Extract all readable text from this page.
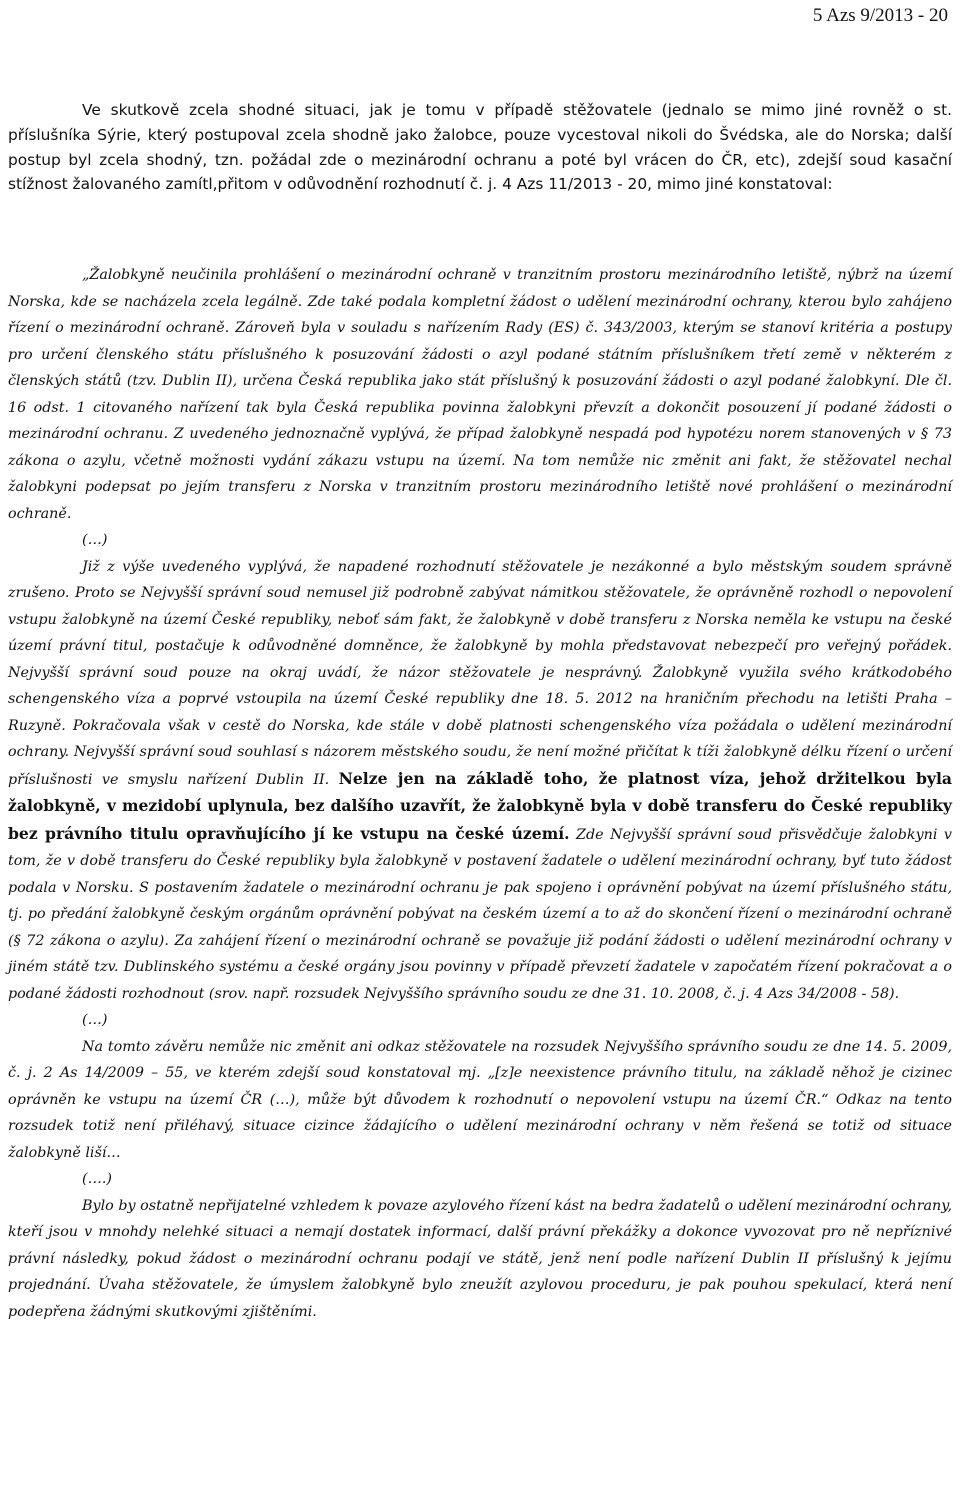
5 Azs 9/2013 - 20

Ve skutkově zcela shodné situaci, jak je tomu v případě stěžovatele (jednalo se mimo jiné rovněž o st. příslušníka Sýrie, který postupoval zcela shodně jako žalobce, pouze vycestoval nikoli do Švédska, ale do Norska; další postup byl zcela shodný, tzn. požádal zde o mezinárodní ochranu a poté byl vrácen do ČR, etc), zdejší soud kasační stížnost žalovaného zamítl,přitom v odůvodnění rozhodnutí č. j. 4 Azs 11/2013 - 20, mimo jiné konstatoval:

„Žalobkyně neučinila prohlášení o mezinárodní ochraně v tranzitním prostoru mezinárodního letiště, nýbrž na území Norska, kde se nacházela zcela legálně. Zde také podala kompletní žádost o udělení mezinárodní ochrany, kterou bylo zahájeno řízení o mezinárodní ochraně. Zároveň byla v souladu s nařízením Rady (ES) č. 343/2003, kterým se stanoví kritéria a postupy pro určení členského státu příslušného k posuzování žádosti o azyl podané státním příslušníkem třetí země v některém z členských států (tzv. Dublin II), určena Česká republika jako stát příslušný k posuzování žádosti o azyl podané žalobkyní. Dle čl. 16 odst. 1 citovaného nařízení tak byla Česká republika povinna žalobkyni převzít a dokončit posouzení jí podané žádosti o mezinárodní ochranu. Z uvedeného jednoznačně vyplývá, že případ žalobkyně nespadá pod hypotézu norem stanovených v § 73 zákona o azylu, včetně možnosti vydání zákazu vstupu na území. Na tom nemůže nic změnit ani fakt, že stěžovatel nechal žalobkyni podepsat po jejím transferu z Norska v tranzitním prostoru mezinárodního letiště nové prohlášení o mezinárodní ochraně.

(…)

Již z výše uvedeného vyplývá, že napadené rozhodnutí stěžovatele je nezákonné a bylo městským soudem správně zrušeno. Proto se Nejvyšší správní soud nemusel již podrobně zabývat námitkou stěžovatele, že oprávněně rozhodl o nepovolení vstupu žalobkyně na území České republiky, neboť sám fakt, že žalobkyně v době transferu z Norska neměla ke vstupu na české území právní titul, postačuje k odůvodněné domněnce, že žalobkyně by mohla představovat nebezpečí pro veřejný pořádek. Nejvyšší správní soud pouze na okraj uvádí, že názor stěžovatele je nesprávný. Žalobkyně využila svého krátkodobého schengenského víza a poprvé vstoupila na území České republiky dne 18. 5. 2012 na hraničním přechodu na letišti Praha – Ruzyně. Pokračovala však v cestě do Norska, kde stále v době platnosti schengenského víza požádala o udělení mezinárodní ochrany. Nejvyšší správní soud souhlasí s názorem městského soudu, že není možné přičítat k tíži žalobkyně délku řízení o určení příslušnosti ve smyslu nařízení Dublin II. Nelze jen na základě toho, že platnost víza, jehož držitelkou byla žalobkyně, v mezidobí uplynula, bez dalšího uzavřít, že žalobkyně byla v době transferu do České republiky bez právního titulu opravňujícího jí ke vstupu na české území. Zde Nejvyšší správní soud přisvědčuje žalobkyni v tom, že v době transferu do České republiky byla žalobkyně v postavení žadatele o udělení mezinárodní ochrany, byť tuto žádost podala v Norsku. S postavením žadatele o mezinárodní ochranu je pak spojeno i oprávnění pobývat na území příslušného státu, tj. po předání žalobkyně českým orgánům oprávnění pobývat na českém území a to až do skončení řízení o mezinárodní ochraně (§ 72 zákona o azylu). Za zahájení řízení o mezinárodní ochraně se považuje již podání žádosti o udělení mezinárodní ochrany v jiném státě tzv. Dublinského systému a české orgány jsou povinny v případě převzetí žadatele v započatém řízení pokračovat a o podané žádosti rozhodnout (srov. např. rozsudek Nejvyššího správního soudu ze dne 31. 10. 2008, č. j. 4 Azs 34/2008 - 58).

(…)

Na tomto závěru nemůže nic změnit ani odkaz stěžovatele na rozsudek Nejvyššího správního soudu ze dne 14. 5. 2009, č. j. 2 As 14/2009 – 55, ve kterém zdejší soud konstatoval mj. „[z]e neexistence právního titulu, na základě něhož je cizinec oprávněn ke vstupu na území ČR (…), může být důvodem k rozhodnutí o nepovolení vstupu na území ČR.“ Odkaz na tento rozsudek totiž není přiléhavý, situace cizince žádajícího o udělení mezinárodní ochrany v něm řešená se totiž od situace žalobkyně liší…

(….)

Bylo by ostatně nepřijatelné vzhledem k povaze azylového řízení kást na bedra žadatelů o udělení mezinárodní ochrany, kteří jsou v mnohdy nelehké situaci a nemají dostatek informací, další právní překážky a dokonce vyvozovat pro ně nepříznivé právní následky, pokud žádost o mezinárodní ochranu podají ve státě, jenž není podle nařízení Dublin II příslušný k jejímu projednání. Úvaha stěžovatele, že úmyslem žalobkyně bylo zneužít azylovou proceduru, je pak pouhou spekulací, která není podepřena žádnými skutkovými zjištěními.
